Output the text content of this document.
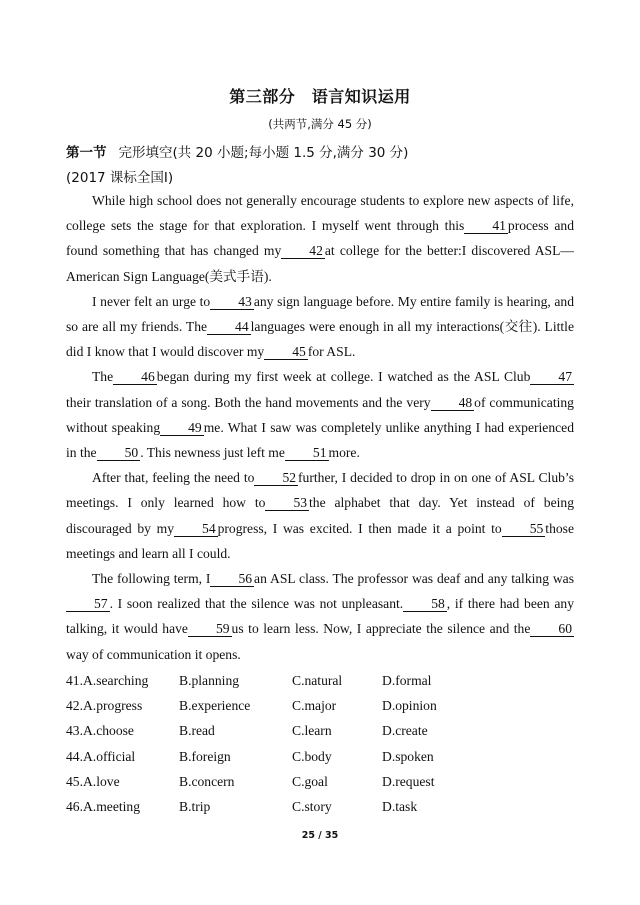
第三部分　语言知识运用
(共两节,满分 45 分)
第一节 完形填空(共 20 小题;每小题 1.5 分,满分 30 分)
(2017 课标全国Ⅰ)

While high school does not generally encourage students to explore new aspects of life, college sets the stage for that exploration. I myself went through this 41 process and found something that has changed my 42 at college for the better:I discovered ASL—American Sign Language(美式手语).

I never felt an urge to 43 any sign language before. My entire family is hearing, and so are all my friends. The 44 languages were enough in all my interactions(交往). Little did I know that I would discover my 45 for ASL.

The 46 began during my first week at college. I watched as the ASL Club 47their translation of a song. Both the hand movements and the very 48 of communicating without speaking 49 me. What I saw was completely unlike anything I had experienced in the 50 . This newness just left me 51 more.

After that, feeling the need to 52 further, I decided to drop in on one of ASL Club’s meetings. I only learned how to 53 the alphabet that day. Yet instead of being discouraged by my 54 progress, I was excited. I then made it a point to 55 those meetings and learn all I could.

The following term, I 56 an ASL class. The professor was deaf and any talking was57 . I soon realized that the silence was not unpleasant. 58 , if there had been any talking, it would have 59 us to learn less. Now, I appreciate the silence and the 60way of communication it opens.

41.A.searching B.planning	C.natural	D.formal
42.A.progress	B.experience	C.major	D.opinion
43.A.choose	B.read	C.learn	D.create
44.A.official	B.foreign	C.body	D.spoken
45.A.love	B.concern	C.goal	D.request
46.A.meeting	B.trip	C.story	D.task
25 / 35
